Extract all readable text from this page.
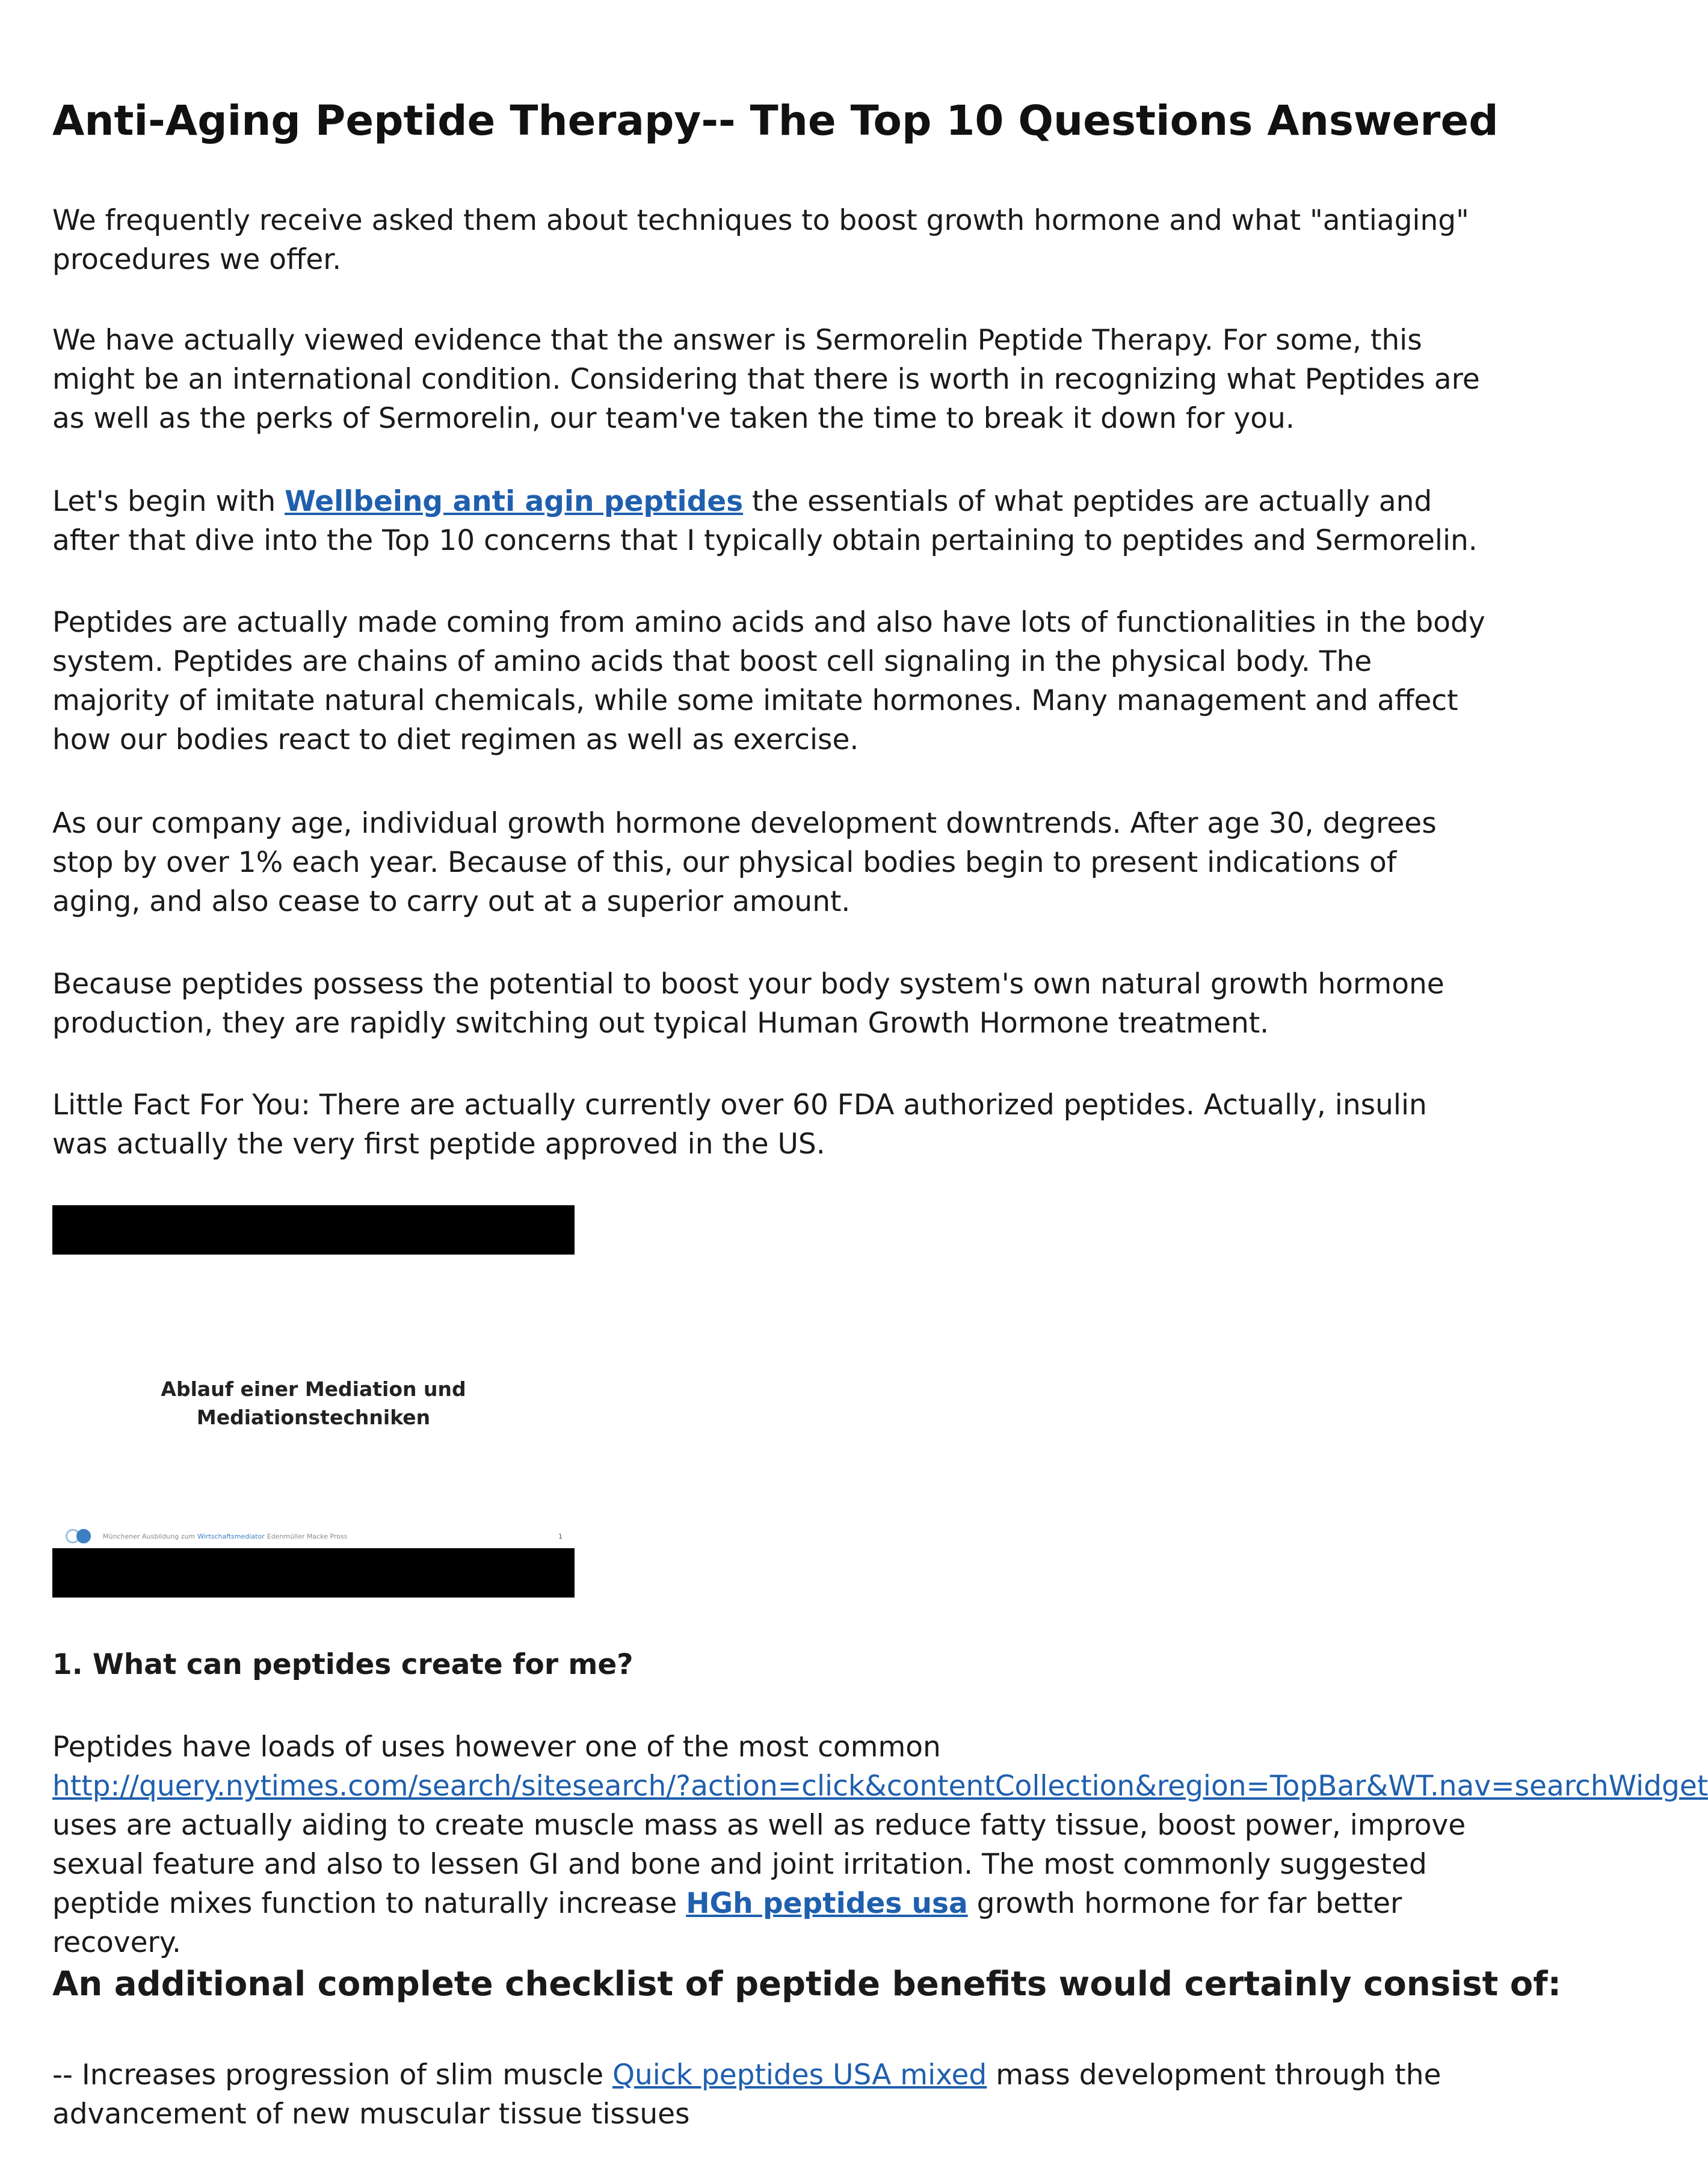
Anti-Aging Peptide Therapy-- The Top 10 Questions Answered

We frequently receive asked them about techniques to boost growth hormone and what "antiaging" procedures we offer.

We have actually viewed evidence that the answer is Sermorelin Peptide Therapy. For some, this might be an international condition. Considering that there is worth in recognizing what Peptides are as well as the perks of Sermorelin, our team've taken the time to break it down for you.

Let's begin with Wellbeing anti agin peptides the essentials of what peptides are actually and after that dive into the Top 10 concerns that I typically obtain pertaining to peptides and Sermorelin.

Peptides are actually made coming from amino acids and also have lots of functionalities in the body system. Peptides are chains of amino acids that boost cell signaling in the physical body. The majority of imitate natural chemicals, while some imitate hormones. Many management and affect how our bodies react to diet regimen as well as exercise.

As our company age, individual growth hormone development downtrends. After age 30, degrees stop by over 1% each year. Because of this, our physical bodies begin to present indications of aging, and also cease to carry out at a superior amount.

Because peptides possess the potential to boost your body system's own natural growth hormone production, they are rapidly switching out typical Human Growth Hormone treatment.

Little Fact For You: There are actually currently over 60 FDA authorized peptides. Actually, insulin was actually the very first peptide approved in the US.

Ablauf einer Mediation und
Mediationstechniken
Münchener Ausbildung zum Wirtschaftsmediator Edenmüller Macke Pross	1
1. What can peptides create for me?

Peptides have loads of uses however one of the most common

http://query.nytimes.com/search/sitesearch/?action=click&contentCollection&region=TopBar&WT.nav=searchWidget
uses are actually aiding to create muscle mass as well as reduce fatty tissue, boost power, improve sexual feature and also to lessen GI and bone and joint irritation. The most commonly suggested peptide mixes function to naturally increase HGh peptides usa growth hormone for far better recovery.

An additional complete checklist of peptide benefits would certainly consist of:

-- Increases progression of slim muscle Quick peptides USA mixed mass development through the advancement of new muscular tissue tissues
